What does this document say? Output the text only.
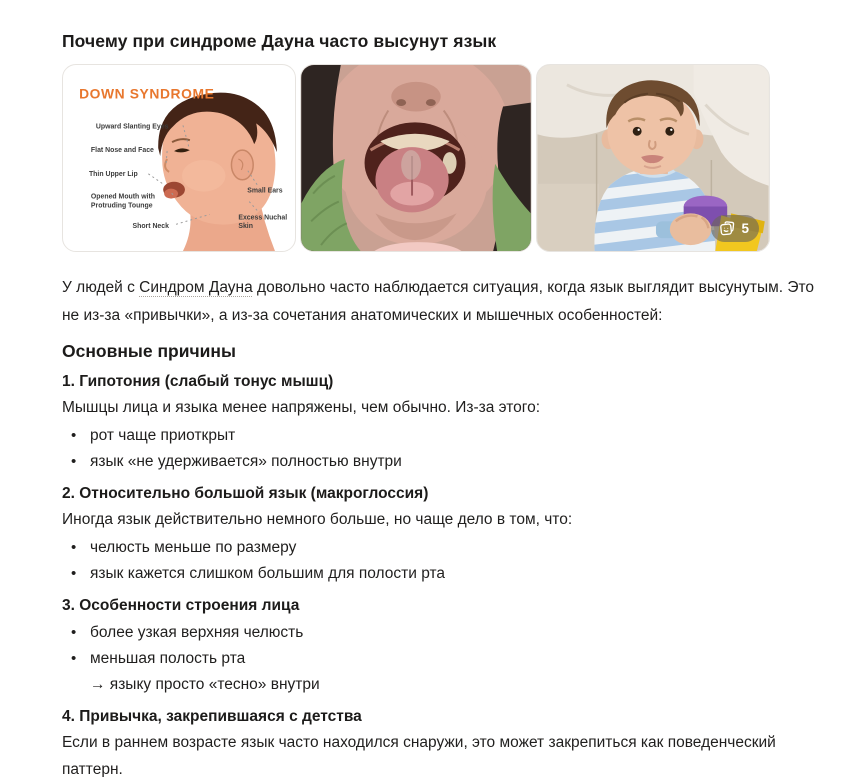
Почему при синдроме Дауна часто высунут язык
DOWN SYNDROME
Upward Slanting Eyes
Flat Nose and Face
Thin Upper Lip
Opened Mouth with
Protruding Tounge
Short Neck
Small Ears
Excess Nuchal
Skin	5

У людей с Синдром Дауна довольно часто наблюдается ситуация, когда язык выглядит высунутым. Это не из-за «привычки», а из-за сочетания анатомических и мышечных особенностей:

Основные причины
1. Гипотония (слабый тонус мышц)

Мышцы лица и языка менее напряжены, чем обычно. Из-за этого:

• рот чаще приоткрыт
• язык «не удерживается» полностью внутри
2. Относительно большой язык (макроглоссия)

Иногда язык действительно немного больше, но чаще дело в том, что:

• челюсть меньше по размеру
• язык кажется слишком большим для полости рта
3. Особенности строения лица
• более узкая верхняя челюсть
• меньшая полость рта

→ языку просто «тесно» внутри

4. Привычка, закрепившаяся с детства

Если в раннем возрасте язык часто находился снаружи, это может закрепиться как поведенческий паттерн.
